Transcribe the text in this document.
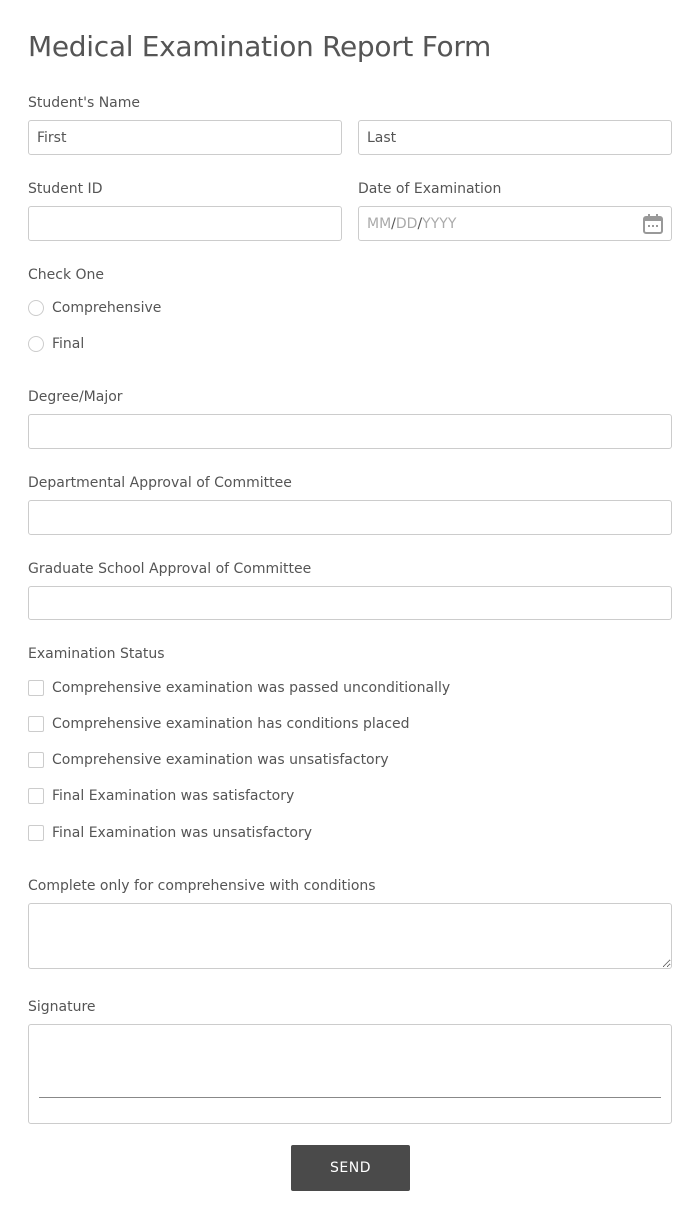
Medical Examination Report Form
Student's Name
First
Last
Student ID	Date of Examination
MM / DD / YYYY
Check One
Comprehensive
Final
Degree/Major
Departmental Approval of Committee
Graduate School Approval of Committee
Examination Status
Comprehensive examination was passed unconditionally
Comprehensive examination has conditions placed
Comprehensive examination was unsatisfactory
Final Examination was satisfactory
Final Examination was unsatisfactory
Complete only for comprehensive with conditions
Signature
SEND
